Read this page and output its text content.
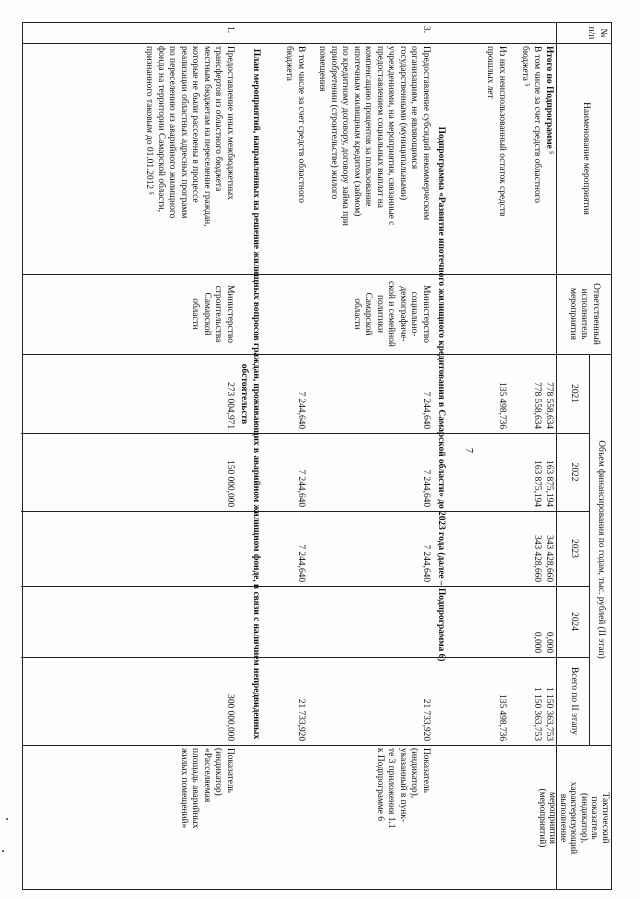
7
№
п/п
Наименование мероприятия
Ответственный
исполнитель
мероприятия
Объем финансирования по годам, тыс. рублей (II этап)
2021
2022
2023
2024
Всего по II этапу
Тактический
показатель
(индикатор),
характеризующий
выполнение
мероприятия
(мероприятий)
Итого по Подпрограмме ⁵
778 558,634
163 875,194
343 428,660
0,000
1 150 363,753
В том числе за счет средств областного
бюджета ⁵
778 558,634
163 875,194
343 428,660
0,000
1 150 363,753
Из них неиспользованный остаток средств
прошлых лет
135 498,736
135 498,736
Подпрограмма «Развитие ипотечного жилищного кредитования в Самарской области» до 2023 года (далее – Подпрограмма 6)
3.
Предоставление субсидий некоммерческим
организациям, не являющимся
государственными (муниципальными)
учреждениями, на мероприятия, связанные с
предоставлением социальных выплат на
компенсацию процентов за пользование
ипотечным жилищным кредитом (займом)
по кредитному договору, договору займа при
приобретении (строительстве) жилого
помещения
Министерство
социально-
демографиче-
ской и семейной
политики
Самарской
области
7 244,640
7 244,640
7 244,640
21 733,920
Показатель
(индикатор),
указанный в пунк-
те 3 приложения 1.1
к Подпрограмме 6
В том числе за счет средств областного
бюджета
7 244,640
7 244,640
7 244,640
21 733,920
План мероприятий, направленных на решение жилищных вопросов граждан, проживающих в аварийном жилищном фонде, в связи с наличием непредвиденных
обстоятельств
1.
Предоставление иных межбюджетных
трансфертов из областного бюджета
местным бюджетам на переселение граждан,
которые не были расселены в процессе
реализации областных адресных программ
по переселению из аварийного жилищного
фонда на территории Самарской области,
признанного таковым до 01.01.2012 ⁵
Министерство
строительства
Самарской
области
273 004,971
150 000,000
300 000,000
Показатель
(индикатор)
«Расселяемая
площадь аварийных
жилых помещений»
